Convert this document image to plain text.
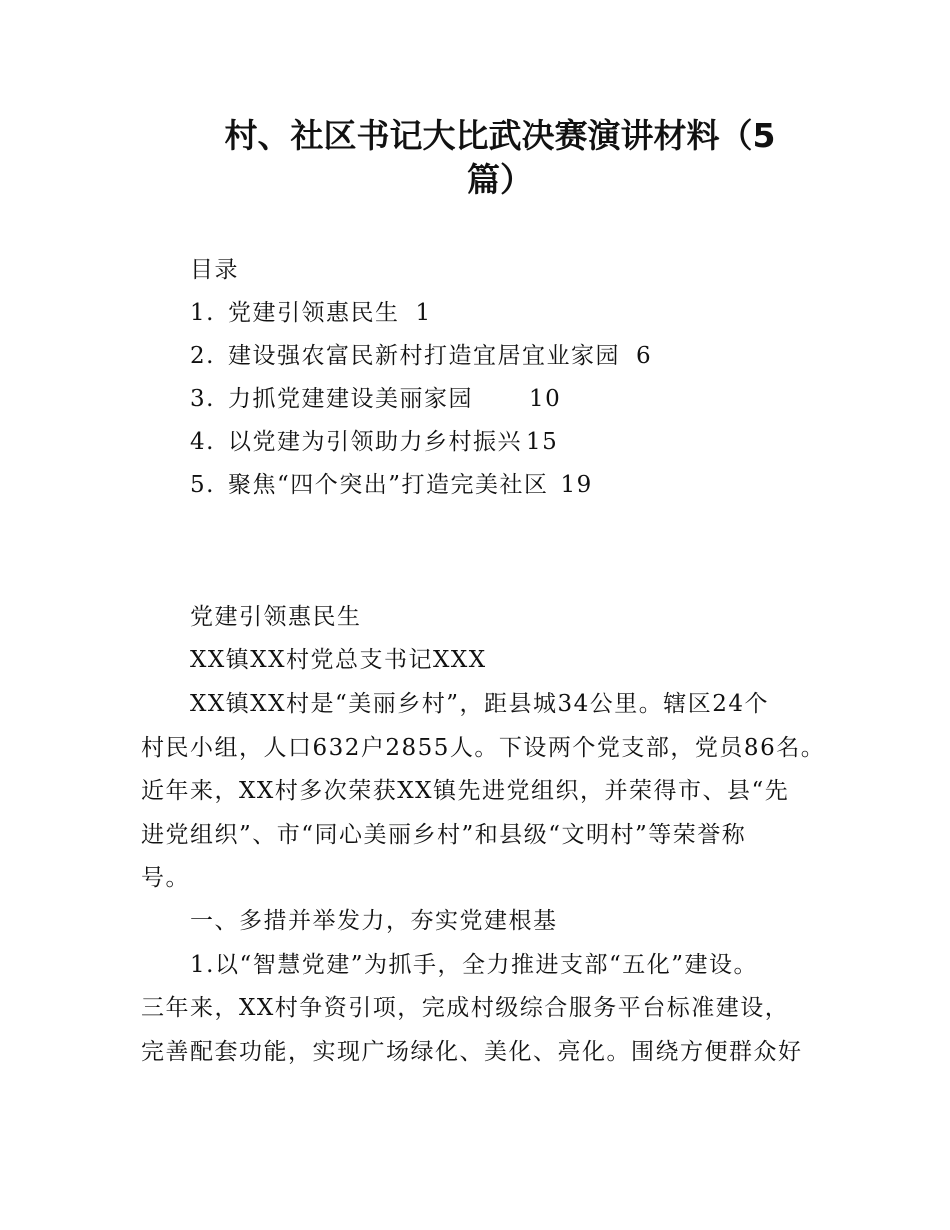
村、社区书记大比武决赛演讲材料（5
篇）
目录
1. 党建引领惠民生 1
2. 建设强农富民新村打造宜居宜业家园 6
3. 力抓党建建设美丽家园 10
4. 以党建为引领助力乡村振兴 15
5. 聚焦“四个突出”打造完美社区 19
党建引领惠民生
XX镇XX村党总支书记XXX
XX镇XX村是“美丽乡村”，距县城34公里。辖区24个
村民小组，人口632户2855人。下设两个党支部，党员86名。
近年来，XX村多次荣获XX镇先进党组织，并荣得市、县“先
进党组织”、市“同心美丽乡村”和县级“文明村”等荣誉称
号。
一、多措并举发力，夯实党建根基
1.以“智慧党建”为抓手，全力推进支部“五化”建设。
三年来，XX村争资引项，完成村级综合服务平台标准建设，
完善配套功能，实现广场绿化、美化、亮化。围绕方便群众好
